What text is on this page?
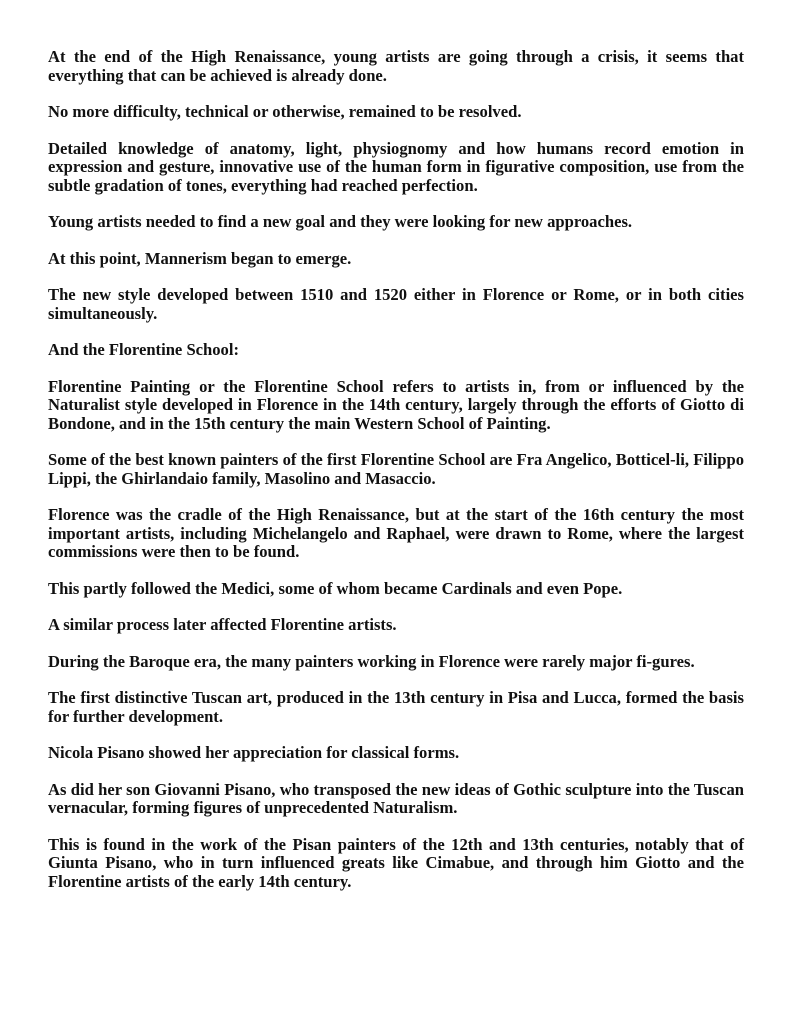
At the end of the High Renaissance, young artists are going through a crisis, it seems that everything that can be achieved is already done.

No more difficulty, technical or otherwise, remained to be resolved.

Detailed knowledge of anatomy, light, physiognomy and how humans record emotion in expression and gesture, innovative use of the human form in figurative composition, use from the subtle gradation of tones, everything had reached perfection.

Young artists needed to find a new goal and they were looking for new approaches.

At this point, Mannerism began to emerge.

The new style developed between 1510 and 1520 either in Florence or Rome, or in both cities simultaneously.

And the Florentine School:

Florentine Painting or the Florentine School refers to artists in, from or influenced by the Naturalist style developed in Florence in the 14th century, largely through the efforts of Giotto di Bondone, and in the 15th century the main Western School of Painting.

Some of the best known painters of the first Florentine School are Fra Angelico, Botticel-li, Filippo Lippi, the Ghirlandaio family, Masolino and Masaccio.

Florence was the cradle of the High Renaissance, but at the start of the 16th century the most important artists, including Michelangelo and Raphael, were drawn to Rome, where the largest commissions were then to be found.

This partly followed the Medici, some of whom became Cardinals and even Pope.

A similar process later affected Florentine artists.

During the Baroque era, the many painters working in Florence were rarely major fi-gures.

The first distinctive Tuscan art, produced in the 13th century in Pisa and Lucca, formed the basis for further development.

Nicola Pisano showed her appreciation for classical forms.

As did her son Giovanni Pisano, who transposed the new ideas of Gothic sculpture into the Tuscan vernacular, forming figures of unprecedented Naturalism.

This is found in the work of the Pisan painters of the 12th and 13th centuries, notably that of Giunta Pisano, who in turn influenced greats like Cimabue, and through him Giotto and the Florentine artists of the early 14th century.
